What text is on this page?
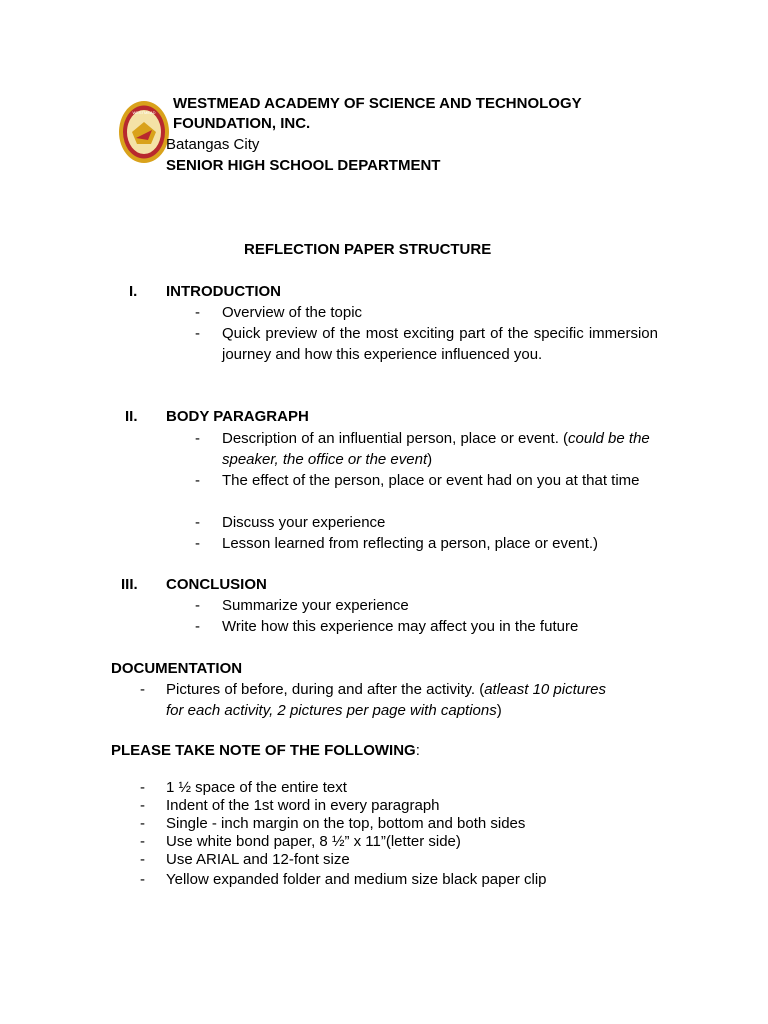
WESTMEAD
WESTMEAD ACADEMY OF SCIENCE AND TECHNOLOGY
FOUNDATION, INC.
Batangas City
SENIOR HIGH SCHOOL DEPARTMENT
REFLECTION PAPER STRUCTURE
I. INTRODUCTION
- Overview of the topic
- Quick preview of the most exciting part of the specific immersion journey and how this experience influenced you.
II. BODY PARAGRAPH
- Description of an influential person, place or event. (could be the speaker, the office or the event)
- The effect of the person, place or event had on you at that time
- Discuss your experience
- Lesson learned from reflecting a person, place or event.)
III. CONCLUSION
- Summarize your experience
- Write how this experience may affect you in the future
DOCUMENTATION
- Pictures of before, during and after the activity. (atleast 10 pictures for each activity, 2 pictures per page with captions)
PLEASE TAKE NOTE OF THE FOLLOWING:
- 1 ½ space of the entire text
- Indent of the 1st word in every paragraph
- Single - inch margin on the top, bottom and both sides
- Use white bond paper, 8 ½” x 11”(letter side)
- Use ARIAL and 12-font size
- Yellow expanded folder and medium size black paper clip
